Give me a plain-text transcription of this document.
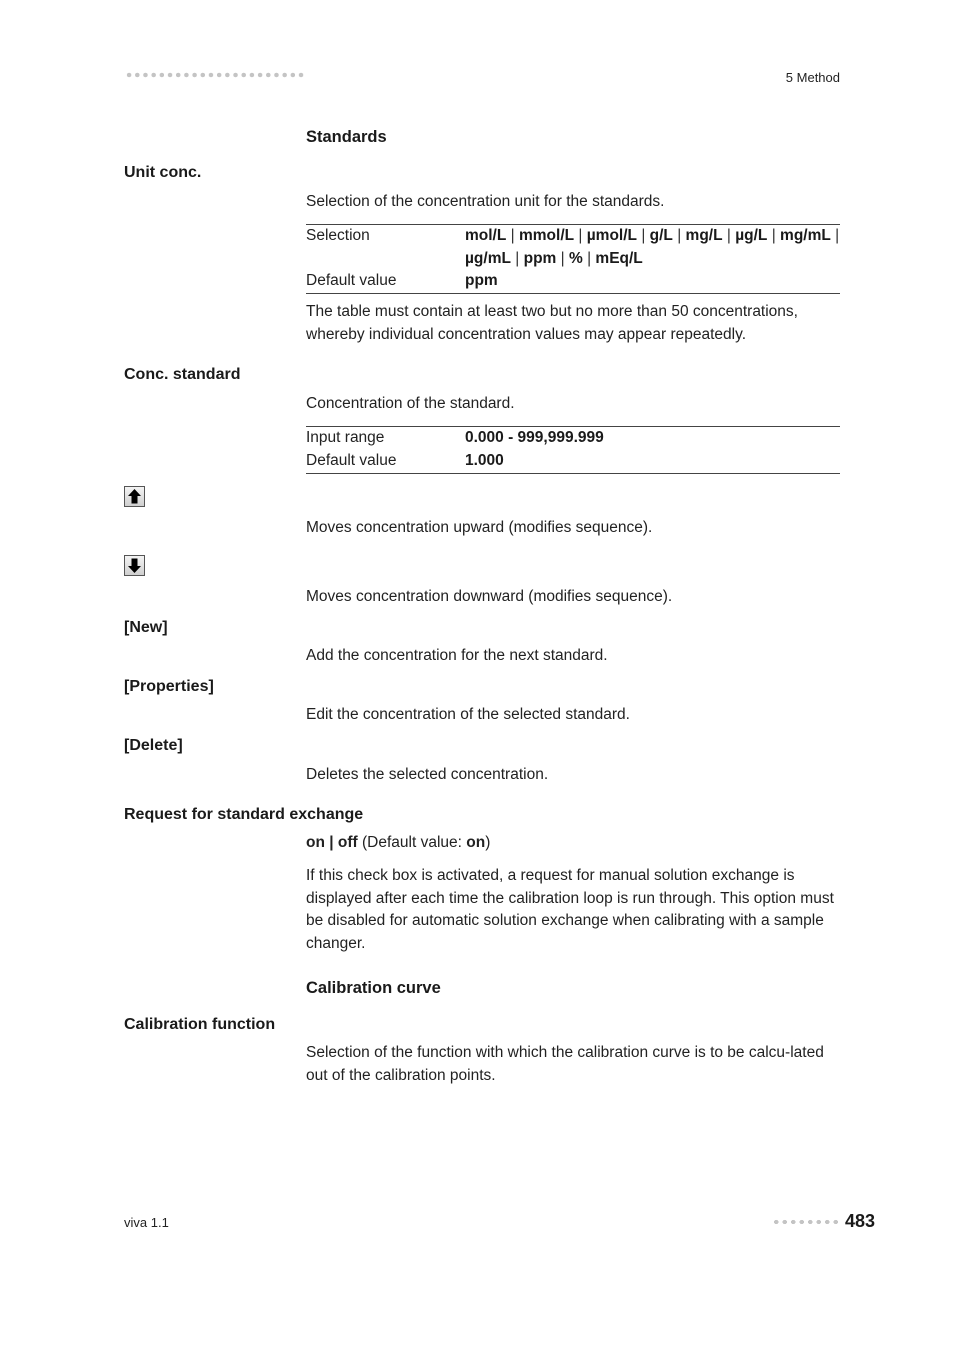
5 Method
Standards
Unit conc.
Selection of the concentration unit for the standards.
Selection	mol/L | mmol/L | µmol/L | g/L | mg/L | µg/L | mg/mL | µg/mL | ppm | % | mEq/L
Default value	ppm
The table must contain at least two but no more than 50 concentrations, whereby individual concentration values may appear repeatedly.
Conc. standard
Concentration of the standard.
Input range	0.000 - 999,999.999
Default value	1.000
Moves concentration upward (modifies sequence).
Moves concentration downward (modifies sequence).
[New]
Add the concentration for the next standard.
[Properties]
Edit the concentration of the selected standard.
[Delete]
Deletes the selected concentration.
Request for standard exchange
on | off (Default value: on)
If this check box is activated, a request for manual solution exchange is displayed after each time the calibration loop is run through. This option must be disabled for automatic solution exchange when calibrating with a sample changer.
Calibration curve
Calibration function
Selection of the function with which the calibration curve is to be calcu-lated out of the calibration points.
viva 1.1	483
